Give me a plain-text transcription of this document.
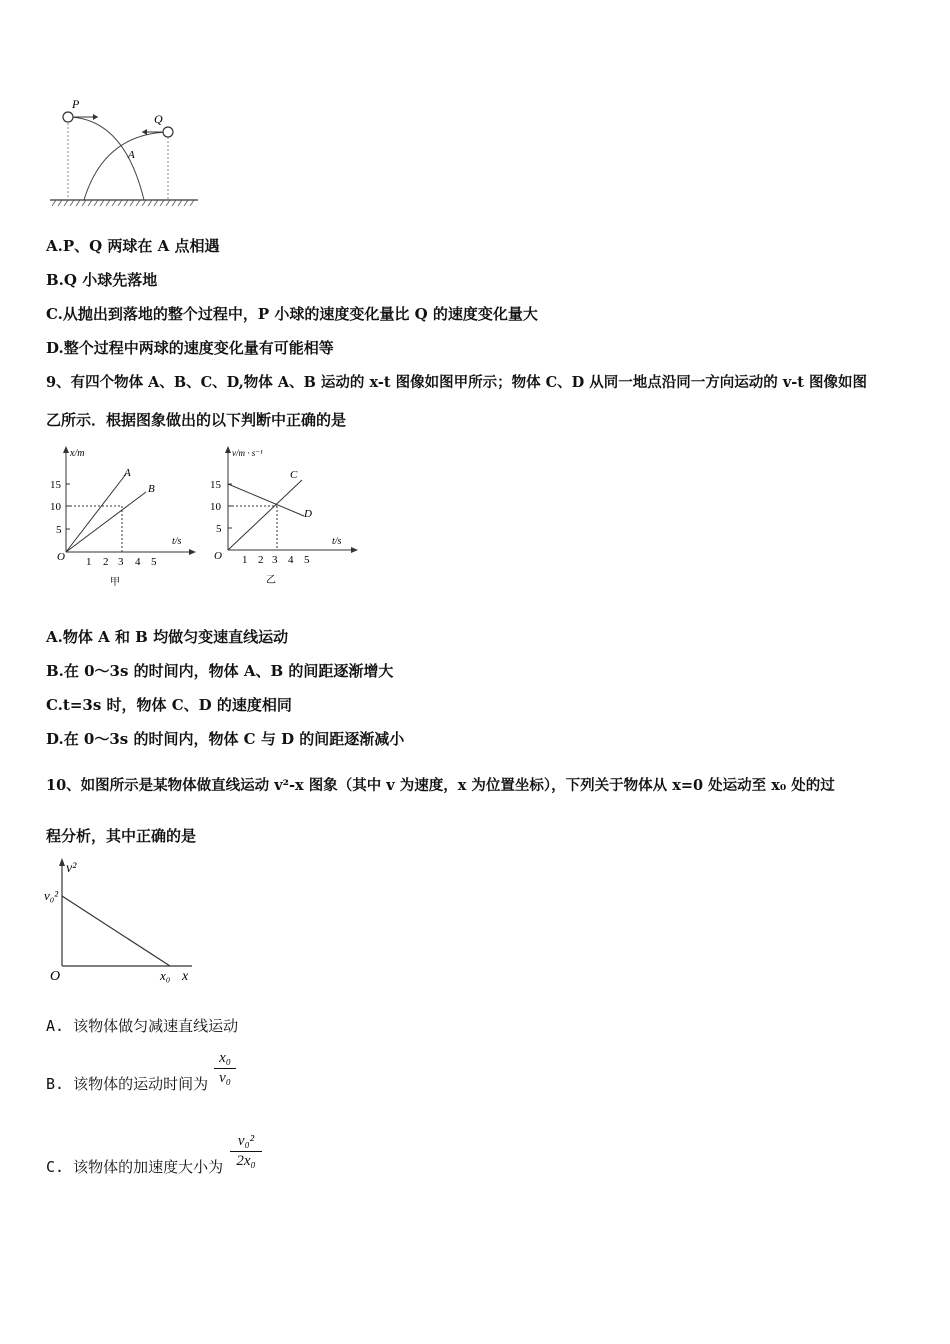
P
Q
A
A.P、Q 两球在 A 点相遇
B.Q 小球先落地
C.从抛出到落地的整个过程中，P 小球的速度变化量比 Q 的速度变化量大
D.整个过程中两球的速度变化量有可能相等
9、有四个物体 A、B、C、D,物体 A、B 运动的 x-t 图像如图甲所示；物体 C、D 从同一地点沿同一方向运动的 v-t 图像如图
乙所示．根据图象做出的以下判断中正确的是
x/m
t/s
O
15
10
5
1 2 3 4 5
A
B
甲
v/m · s⁻¹
t/s
O
15
10
5
1 2 3 4 5
C
D
乙
A.物体 A 和 B 均做匀变速直线运动
B.在 0～3s 的时间内，物体 A、B 的间距逐渐增大
C.t=3s 时，物体 C、D 的速度相同
D.在 0～3s 的时间内，物体 C 与 D 的间距逐渐减小
10、如图所示是某物体做直线运动 v²-x 图象（其中 v 为速度，x 为位置坐标），下列关于物体从 x=0 处运动至 x₀ 处的过
程分析，其中正确的是
v²
v₀²
O	x₀ x
A. 该物体做匀减速直线运动
B. 该物体的运动时间为
x₀
v₀
C. 该物体的加速度大小为
v₀²
2x₀
